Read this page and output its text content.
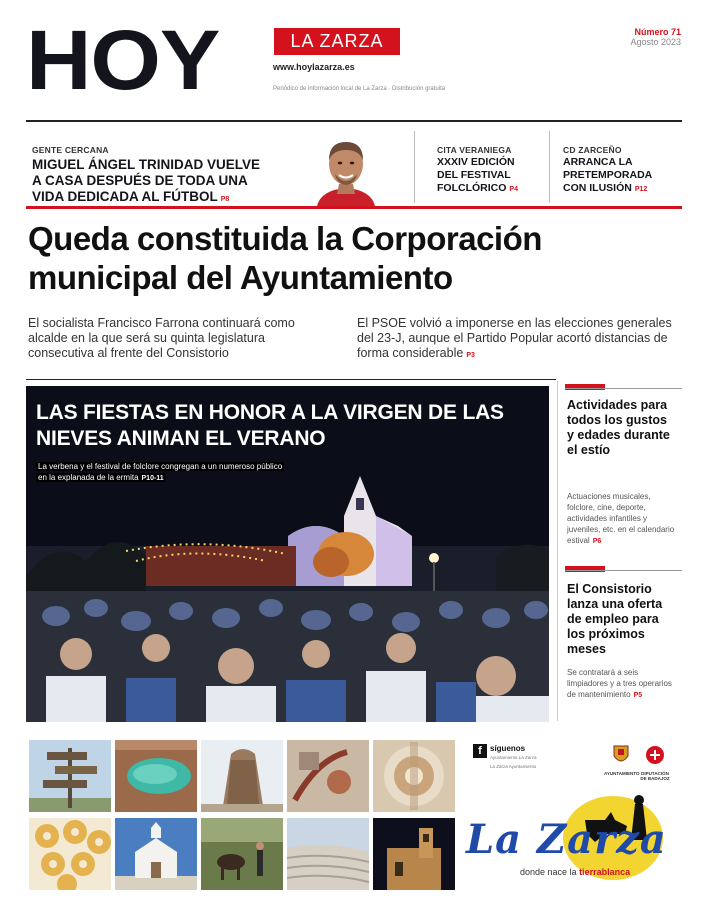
HOY	LA ZARZA
www.hoylazarza.es
Periódico de información local de La Zarza · Distribución gratuita
Número 71
Agosto 2023
GENTE CERCANA
MIGUEL ÁNGEL TRINIDAD VUELVE A CASA DESPUÉS DE TODA UNA VIDA DEDICADA AL FÚTBOL P8
CITA VERANIEGA
XXXIV EDICIÓN DEL FESTIVAL FOLCLÓRICO P4
CD ZARCEÑO
ARRANCA LA PRETEMPORADA CON ILUSIÓN P12
Queda constituida la Corporación municipal del Ayuntamiento
El socialista Francisco Farrona continuará como alcalde en la que será su quinta legislatura consecutiva al frente del Consistorio
El PSOE volvió a imponerse en las elecciones generales del 23-J, aunque el Partido Popular acortó distancias de forma considerable P3
LAS FIESTAS EN HONOR A LA VIRGEN DE LAS NIEVES ANIMAN EL VERANO
La verbena y el festival de folclore congregan a un numeroso público
en la explanada de la ermita P10-11
Actividades para todos los gustos y edades durante el estío
Actuaciones musicales, folclore, cine, deporte, actividades infantiles y juveniles, etc. en el calendario estival P6
El Consistorio lanza una oferta de empleo para los próximos meses
Se contratará a seis limpiadores y a tres operarios de mantenimiento P5
f síguenos
Ayuntamiento La Zarza
La Zarza Ayuntamiento
AYUNTAMIENTO DIPUTACIÓN DE BADAJOZ
La Zarza
donde nace la tierrablanca
